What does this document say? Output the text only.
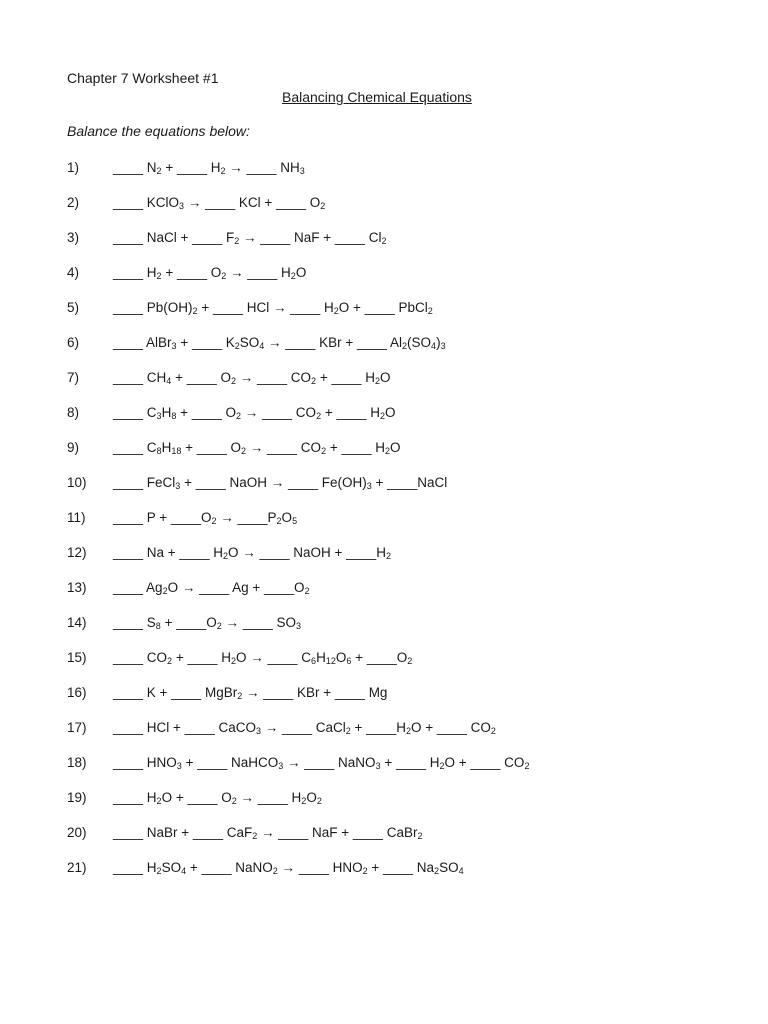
Chapter 7 Worksheet #1
Balancing Chemical Equations
Balance the equations below:
1)	____ $N_2$ + ____ $H_2$ → ____ $NH_3$
2)	____ KClO$_3$ → ____ KCl + ____ $O_2$
3)	____ NaCl + ____ $F_2$ → ____ NaF + ____ $Cl_2$
4)	____ $H_2$ + ____ $O_2$ → ____ $H_2O$
5)	____ $Pb(OH)_2$ + ____ HCl → ____ $H_2O$ + ____ PbCl$_2$
6)	____ AlBr$_3$ + ____ $K_2SO_4$ → ____ KBr + ____ $Al_2(SO_4)_3$
7)	____ $CH_4$ + ____ $O_2$ → ____ $CO_2$ + ____ $H_2O$
8)	____ $C_3H_8$ + ____ $O_2$ → ____ $CO_2$ + ____ $H_2O$
9)	____ $C_8H_{18}$ + ____ $O_2$ → ____ $CO_2$ + ____ $H_2O$
10) ____ FeCl$_3$ + ____ NaOH → ____ $Fe(OH)_3$ + ____NaCl
11) ____ $P + \_\_\_\_O_2$ → $\_\_\_\_P_2O_5$
12) ____ Na + ____ $H_2O$ → ____ NaOH + $\_\_\_\_H_2$
13) ____ $Ag_2O$ → ____ $Ag + \_\_\_\_O_2$
14) ____ $S_8$ + $\_\_\_\_O_2$ → ____ $SO_3$
15) ____ $CO_2$ + ____ $H_2O$ → ____ $C_6H_{12}O_6$ + $\_\_\_\_O_2$
16) ____ K + ____ MgBr$_2$ → ____ KBr + ____ Mg
17) ____ HCl + ____ CaCO$_3$ → ____ CaCl$_2$ + $\_\_\_\_H_2O$ + ____ $CO_2$
18) ____ $HNO_3$ + ____ NaHCO$_3$ → ____ NaNO$_3$ + ____ $H_2O$ + ____ $CO_2$
19) ____ $H_2O$ + ____ $O_2$ → ____ $H_2O_2$
20) ____ NaBr + ____ CaF$_2$ → ____ NaF + ____ CaBr$_2$
21) ____ $H_2SO_4$ + ____ NaNO$_2$ → ____ $HNO_2$ + ____ $Na_2SO_4$
